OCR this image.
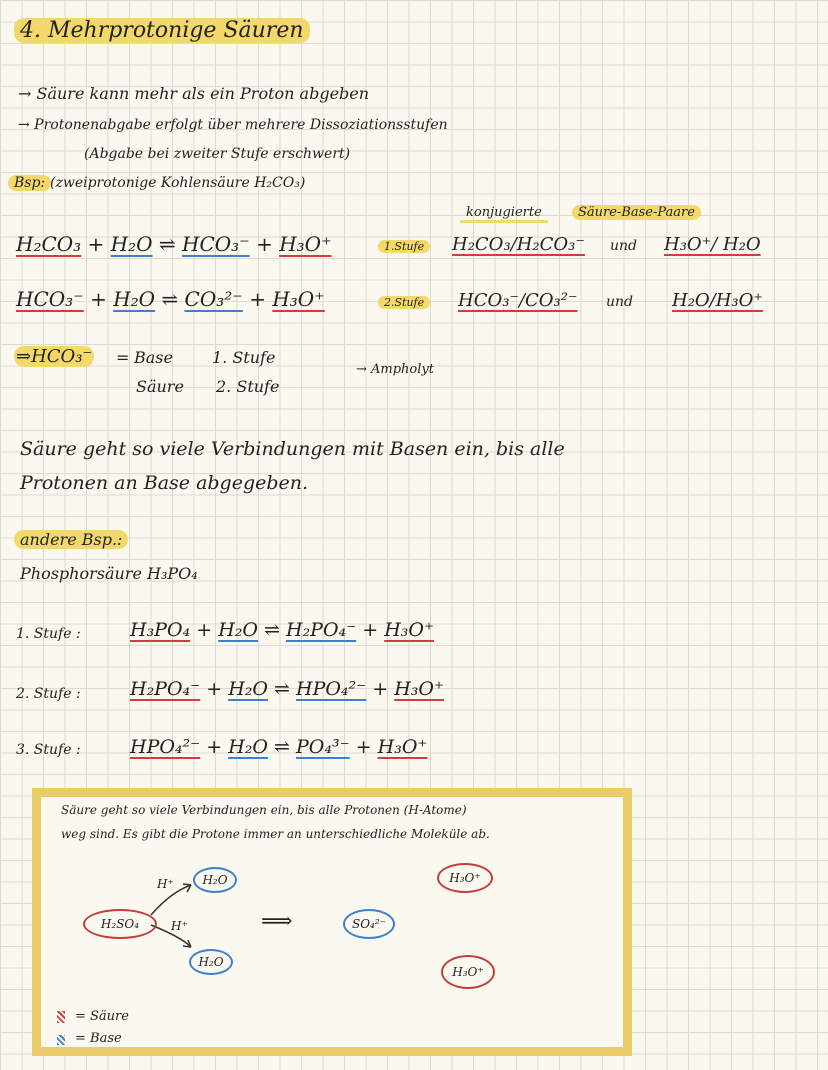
4. Mehrprotonige Säuren
→ Säure kann mehr als ein Proton abgeben
→ Protonenabgabe erfolgt über mehrere Dissoziationsstufen
(Abgabe bei zweiter Stufe erschwert)
Bsp: (zweiprotonige Kohlensäure H₂CO₃)
konjugierte	Säure-Base-Paare
H₂CO₃ + H₂O ⇌ HCO₃⁻ + H₃O⁺	1.Stufe	H₂CO₃/H₂CO₃⁻ und H₃O⁺/ H₂O
HCO₃⁻ + H₂O ⇌ CO₃²⁻ + H₃O⁺	2.Stufe	HCO₃⁻/CO₃²⁻ und H₂O/H₃O⁺
⇒HCO₃⁻ = Base 1. Stufe
Säure 2. Stufe
→ Ampholyt
Säure geht so viele Verbindungen mit Basen ein, bis alle
Protonen an Base abgegeben.
andere Bsp.:
Phosphorsäure H₃PO₄
1. Stufe :	H₃PO₄ + H₂O ⇌ H₂PO₄⁻ + H₃O⁺
2. Stufe :	H₂PO₄⁻ + H₂O ⇌ HPO₄²⁻ + H₃O⁺
3. Stufe :	HPO₄²⁻ + H₂O ⇌ PO₄³⁻ + H₃O⁺
Säure geht so viele Verbindungen ein, bis alle Protonen (H-Atome)
weg sind. Es gibt die Protone immer an unterschiedliche Moleküle ab.
H⁺
H⁺
H₂SO₄
H₂O
H₂O
⟹	SO₄²⁻
H₃O⁺
H₃O⁺
= Säure
= Base
